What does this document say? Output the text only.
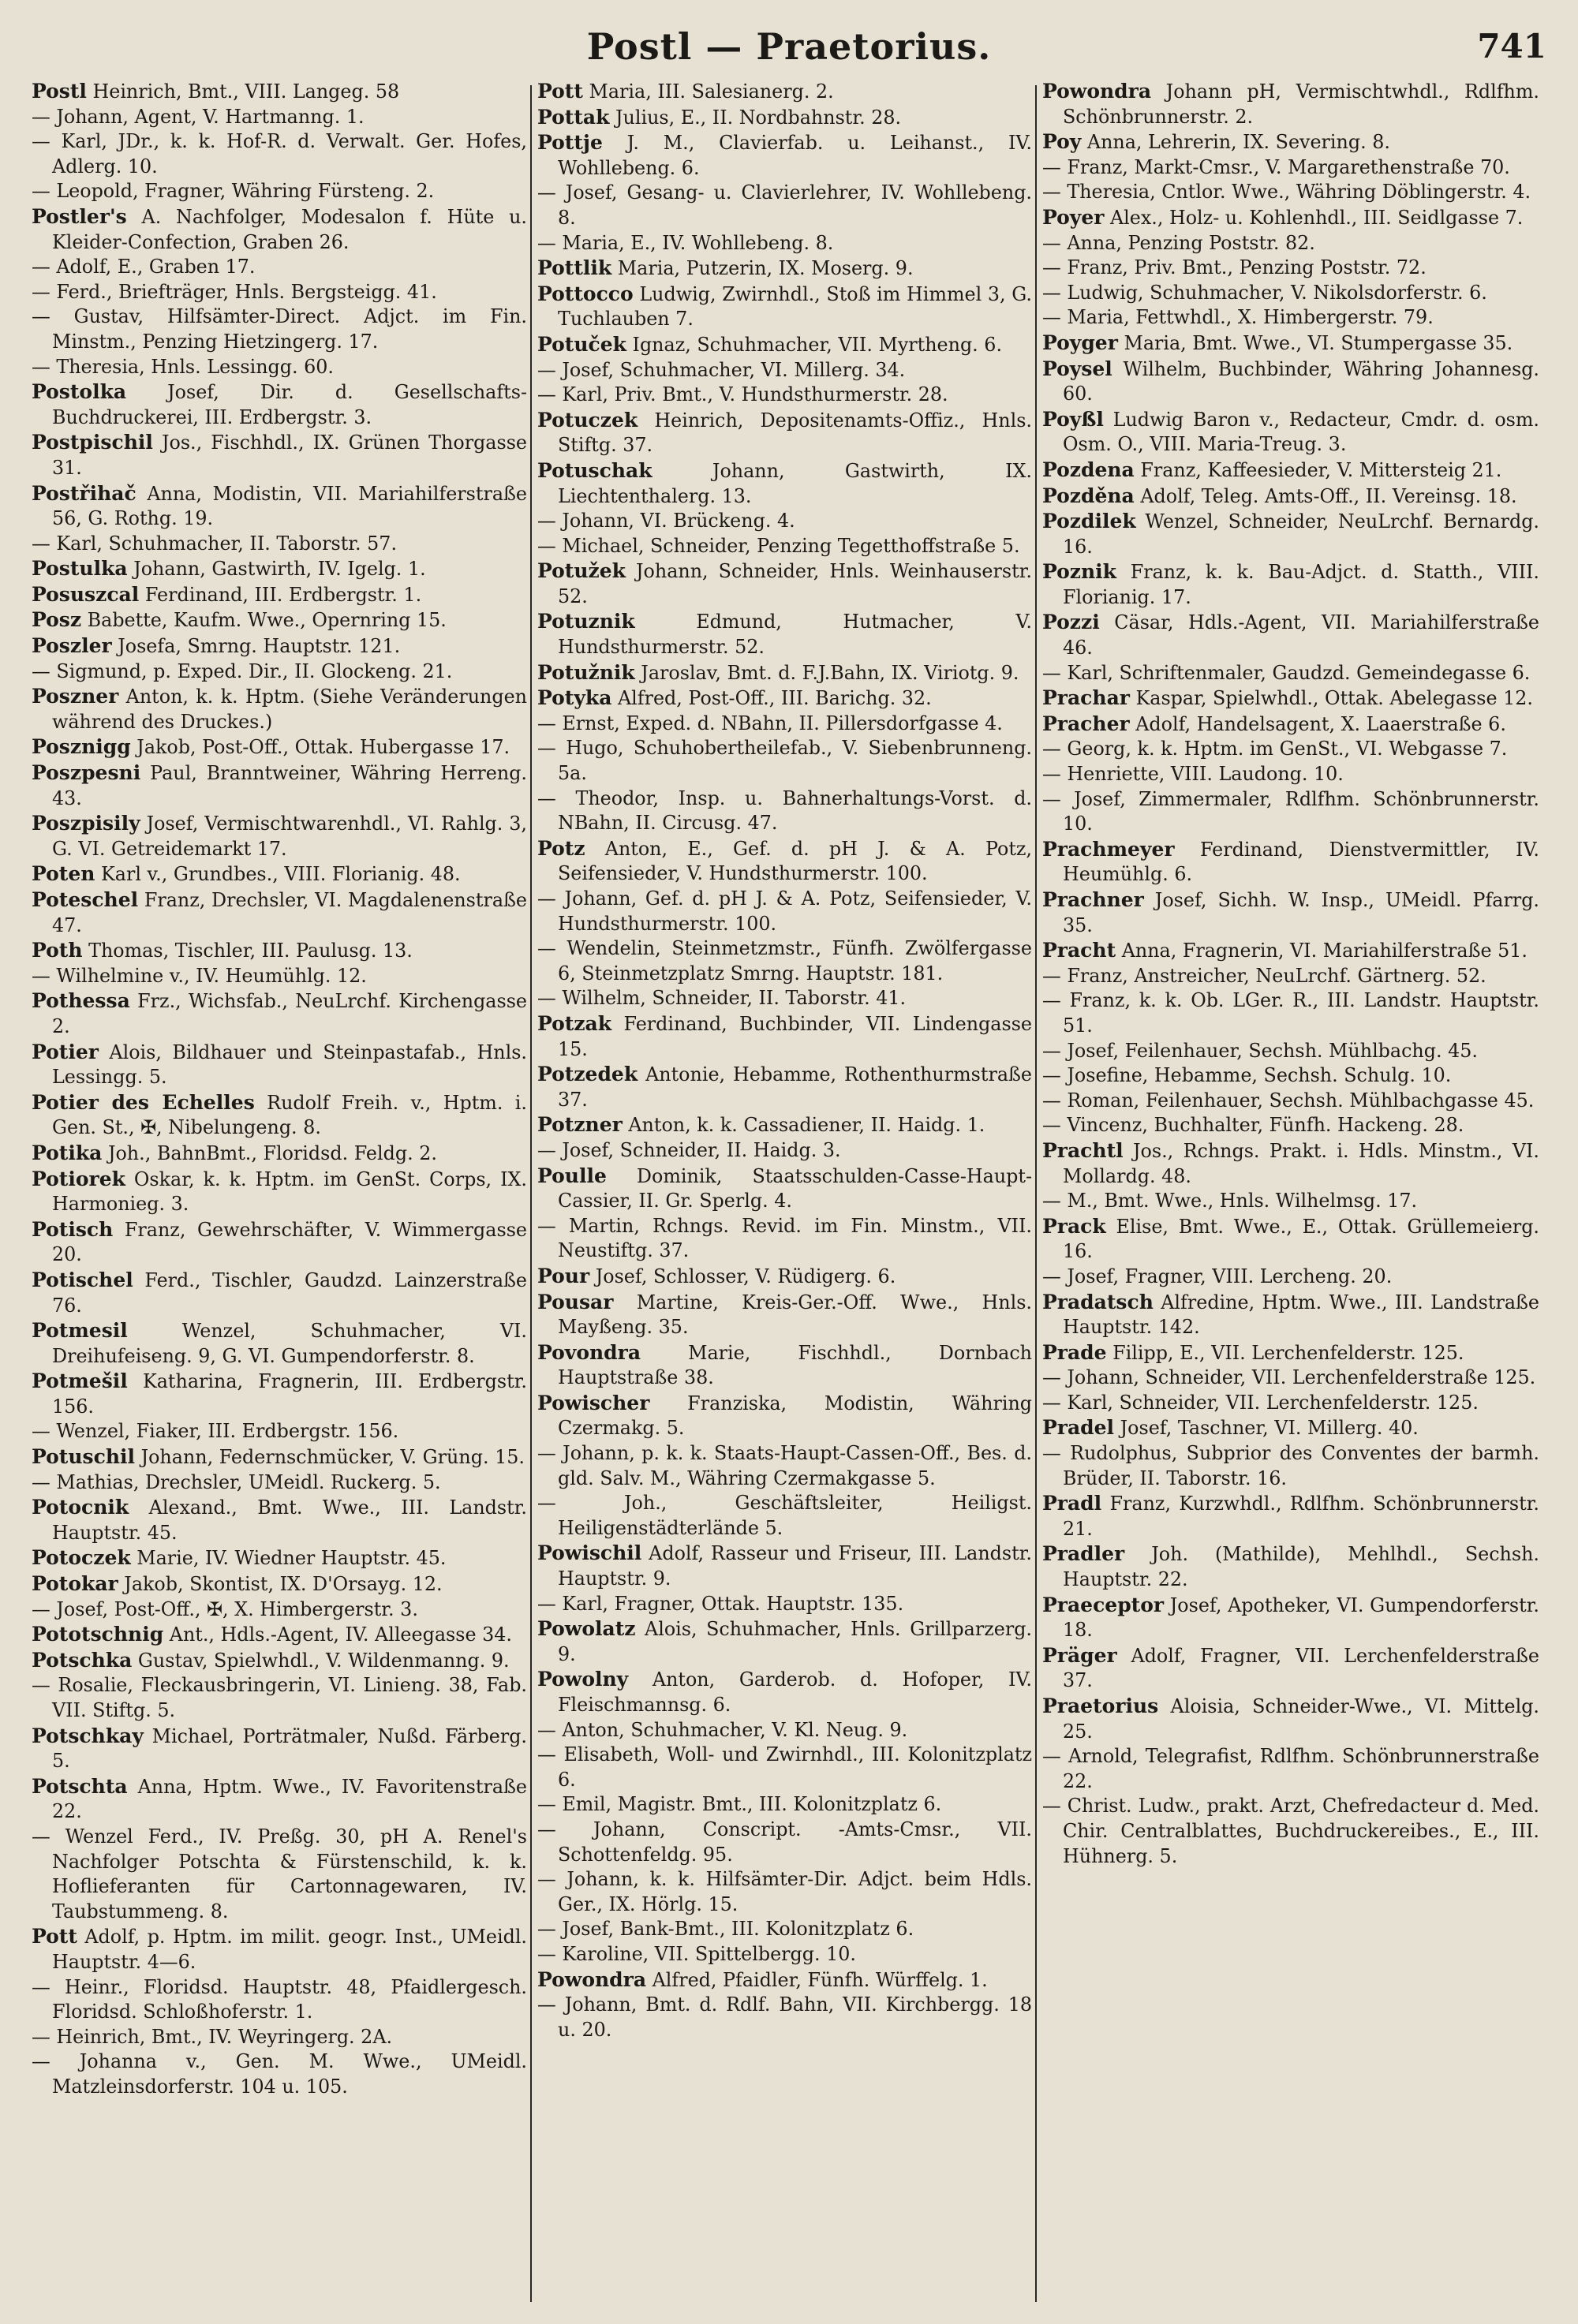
Postl — Praetorius.	741

Postl Heinrich, Bmt., VIII. Langeg. 58

— Johann, Agent, V. Hartmanng. 1.

— Karl, JDr., k. k. Hof-R. d. Verwalt. Ger. Hofes, Adlerg. 10.

— Leopold, Fragner, Währing Fürsteng. 2.

Postler's A. Nachfolger, Modesalon f. Hüte u. Kleider-Confection, Graben 26.

— Adolf, E., Graben 17.

— Ferd., Briefträger, Hnls. Bergsteigg. 41.

— Gustav, Hilfsämter-Direct. Adjct. im Fin. Minstm., Penzing Hietzingerg. 17.

— Theresia, Hnls. Lessingg. 60.

Postolka Josef, Dir. d. Gesellschafts-Buchdruckerei, III. Erdbergstr. 3.

Postpischil Jos., Fischhdl., IX. Grünen Thorgasse 31.

Postřihač Anna, Modistin, VII. Mariahilferstraße 56, G. Rothg. 19.

— Karl, Schuhmacher, II. Taborstr. 57.

Postulka Johann, Gastwirth, IV. Igelg. 1.

Posuszcal Ferdinand, III. Erdbergstr. 1.

Posz Babette, Kaufm. Wwe., Opernring 15.

Poszler Josefa, Smrng. Hauptstr. 121.

— Sigmund, p. Exped. Dir., II. Glockeng. 21.

Poszner Anton, k. k. Hptm. (Siehe Veränderungen während des Druckes.)

Posznigg Jakob, Post-Off., Ottak. Hubergasse 17.

Poszpesni Paul, Branntweiner, Währing Herreng. 43.

Poszpisily Josef, Vermischtwarenhdl., VI. Rahlg. 3, G. VI. Getreidemarkt 17.

Poten Karl v., Grundbes., VIII. Florianig. 48.

Poteschel Franz, Drechsler, VI. Magdalenenstraße 47.

Poth Thomas, Tischler, III. Paulusg. 13.

— Wilhelmine v., IV. Heumühlg. 12.

Pothessa Frz., Wichsfab., NeuLrchf. Kirchengasse 2.

Potier Alois, Bildhauer und Steinpastafab., Hnls. Lessingg. 5.

Potier des Echelles Rudolf Freih. v., Hptm. i. Gen. St., ✠, Nibelungeng. 8.

Potika Joh., BahnBmt., Floridsd. Feldg. 2.

Potiorek Oskar, k. k. Hptm. im GenSt. Corps, IX. Harmonieg. 3.

Potisch Franz, Gewehrschäfter, V. Wimmergasse 20.

Potischel Ferd., Tischler, Gaudzd. Lainzerstraße 76.

Potmesil Wenzel, Schuhmacher, VI. Dreihufeiseng. 9, G. VI. Gumpendorferstr. 8.

Potmešil Katharina, Fragnerin, III. Erdbergstr. 156.

— Wenzel, Fiaker, III. Erdbergstr. 156.

Potuschil Johann, Federnschmücker, V. Grüng. 15.

— Mathias, Drechsler, UMeidl. Ruckerg. 5.

Potocnik Alexand., Bmt. Wwe., III. Landstr. Hauptstr. 45.

Potoczek Marie, IV. Wiedner Hauptstr. 45.

Potokar Jakob, Skontist, IX. D'Orsayg. 12.

— Josef, Post-Off., ✠, X. Himbergerstr. 3.

Pototschnig Ant., Hdls.-Agent, IV. Alleegasse 34.

Potschka Gustav, Spielwhdl., V. Wildenmanng. 9.

— Rosalie, Fleckausbringerin, VI. Linieng. 38, Fab. VII. Stiftg. 5.

Potschkay Michael, Porträtmaler, Nußd. Färberg. 5.

Potschta Anna, Hptm. Wwe., IV. Favoritenstraße 22.

— Wenzel Ferd., IV. Preßg. 30, pH A. Renel's Nachfolger Potschta & Fürstenschild, k. k. Hoflieferanten für Cartonnagewaren, IV. Taubstummeng. 8.

Pott Adolf, p. Hptm. im milit. geogr. Inst., UMeidl. Hauptstr. 4—6.

— Heinr., Floridsd. Hauptstr. 48, Pfaidlergesch. Floridsd. Schloßhoferstr. 1.

— Heinrich, Bmt., IV. Weyringerg. 2A.

— Johanna v., Gen. M. Wwe., UMeidl. Matzleinsdorferstr. 104 u. 105.

Pott Maria, III. Salesianerg. 2.

Pottak Julius, E., II. Nordbahnstr. 28.

Pottje J. M., Clavierfab. u. Leihanst., IV. Wohllebeng. 6.

— Josef, Gesang- u. Clavierlehrer, IV. Wohllebeng. 8.

— Maria, E., IV. Wohllebeng. 8.

Pottlik Maria, Putzerin, IX. Moserg. 9.

Pottocco Ludwig, Zwirnhdl., Stoß im Himmel 3, G. Tuchlauben 7.

Potuček Ignaz, Schuhmacher, VII. Myrtheng. 6.

— Josef, Schuhmacher, VI. Millerg. 34.

— Karl, Priv. Bmt., V. Hundsthurmerstr. 28.

Potuczek Heinrich, Depositenamts-Offiz., Hnls. Stiftg. 37.

Potuschak Johann, Gastwirth, IX. Liechtenthalerg. 13.

— Johann, VI. Brückeng. 4.

— Michael, Schneider, Penzing Tegetthoffstraße 5.

Potužek Johann, Schneider, Hnls. Weinhauserstr. 52.

Potuznik Edmund, Hutmacher, V. Hundsthurmerstr. 52.

Potužnik Jaroslav, Bmt. d. F.J.Bahn, IX. Viriotg. 9.

Potyka Alfred, Post-Off., III. Barichg. 32.

— Ernst, Exped. d. NBahn, II. Pillersdorfgasse 4.

— Hugo, Schuhobertheilefab., V. Siebenbrunneng. 5a.

— Theodor, Insp. u. Bahnerhaltungs-Vorst. d. NBahn, II. Circusg. 47.

Potz Anton, E., Gef. d. pH J. & A. Potz, Seifensieder, V. Hundsthurmerstr. 100.

— Johann, Gef. d. pH J. & A. Potz, Seifensieder, V. Hundsthurmerstr. 100.

— Wendelin, Steinmetzmstr., Fünfh. Zwölfergasse 6, Steinmetzplatz Smrng. Hauptstr. 181.

— Wilhelm, Schneider, II. Taborstr. 41.

Potzak Ferdinand, Buchbinder, VII. Lindengasse 15.

Potzedek Antonie, Hebamme, Rothenthurmstraße 37.

Potzner Anton, k. k. Cassadiener, II. Haidg. 1.

— Josef, Schneider, II. Haidg. 3.

Poulle Dominik, Staatsschulden-Casse-Haupt-Cassier, II. Gr. Sperlg. 4.

— Martin, Rchngs. Revid. im Fin. Minstm., VII. Neustiftg. 37.

Pour Josef, Schlosser, V. Rüdigerg. 6.

Pousar Martine, Kreis-Ger.-Off. Wwe., Hnls. Mayßeng. 35.

Povondra Marie, Fischhdl., Dornbach Hauptstraße 38.

Powischer Franziska, Modistin, Währing Czermakg. 5.

— Johann, p. k. k. Staats-Haupt-Cassen-Off., Bes. d. gld. Salv. M., Währing Czermakgasse 5.

— Joh., Geschäftsleiter, Heiligst. Heiligenstädterlände 5.

Powischil Adolf, Rasseur und Friseur, III. Landstr. Hauptstr. 9.

— Karl, Fragner, Ottak. Hauptstr. 135.

Powolatz Alois, Schuhmacher, Hnls. Grillparzerg. 9.

Powolny Anton, Garderob. d. Hofoper, IV. Fleischmannsg. 6.

— Anton, Schuhmacher, V. Kl. Neug. 9.

— Elisabeth, Woll- und Zwirnhdl., III. Kolonitzplatz 6.

— Emil, Magistr. Bmt., III. Kolonitzplatz 6.

— Johann, Conscript. -Amts-Cmsr., VII. Schottenfeldg. 95.

— Johann, k. k. Hilfsämter-Dir. Adjct. beim Hdls. Ger., IX. Hörlg. 15.

— Josef, Bank-Bmt., III. Kolonitzplatz 6.

— Karoline, VII. Spittelbergg. 10.

Powondra Alfred, Pfaidler, Fünfh. Würffelg. 1.

— Johann, Bmt. d. Rdlf. Bahn, VII. Kirchbergg. 18 u. 20.

Powondra Johann pH, Vermischtwhdl., Rdlfhm. Schönbrunnerstr. 2.

Poy Anna, Lehrerin, IX. Severing. 8.

— Franz, Markt-Cmsr., V. Margarethenstraße 70.

— Theresia, Cntlor. Wwe., Währing Döblingerstr. 4.

Poyer Alex., Holz- u. Kohlenhdl., III. Seidlgasse 7.

— Anna, Penzing Poststr. 82.

— Franz, Priv. Bmt., Penzing Poststr. 72.

— Ludwig, Schuhmacher, V. Nikolsdorferstr. 6.

— Maria, Fettwhdl., X. Himbergerstr. 79.

Poyger Maria, Bmt. Wwe., VI. Stumpergasse 35.

Poysel Wilhelm, Buchbinder, Währing Johannesg. 60.

Poyßl Ludwig Baron v., Redacteur, Cmdr. d. osm. Osm. O., VIII. Maria-Treug. 3.

Pozdena Franz, Kaffeesieder, V. Mittersteig 21.

Pozděna Adolf, Teleg. Amts-Off., II. Vereinsg. 18.

Pozdilek Wenzel, Schneider, NeuLrchf. Bernardg. 16.

Poznik Franz, k. k. Bau-Adjct. d. Statth., VIII. Florianig. 17.

Pozzi Cäsar, Hdls.-Agent, VII. Mariahilferstraße 46.

— Karl, Schriftenmaler, Gaudzd. Gemeindegasse 6.

Prachar Kaspar, Spielwhdl., Ottak. Abelegasse 12.

Pracher Adolf, Handelsagent, X. Laaerstraße 6.

— Georg, k. k. Hptm. im GenSt., VI. Webgasse 7.

— Henriette, VIII. Laudong. 10.

— Josef, Zimmermaler, Rdlfhm. Schönbrunnerstr. 10.

Prachmeyer Ferdinand, Dienstvermittler, IV. Heumühlg. 6.

Prachner Josef, Sichh. W. Insp., UMeidl. Pfarrg. 35.

Pracht Anna, Fragnerin, VI. Mariahilferstraße 51.

— Franz, Anstreicher, NeuLrchf. Gärtnerg. 52.

— Franz, k. k. Ob. LGer. R., III. Landstr. Hauptstr. 51.

— Josef, Feilenhauer, Sechsh. Mühlbachg. 45.

— Josefine, Hebamme, Sechsh. Schulg. 10.

— Roman, Feilenhauer, Sechsh. Mühlbachgasse 45.

— Vincenz, Buchhalter, Fünfh. Hackeng. 28.

Prachtl Jos., Rchngs. Prakt. i. Hdls. Minstm., VI. Mollardg. 48.

— M., Bmt. Wwe., Hnls. Wilhelmsg. 17.

Prack Elise, Bmt. Wwe., E., Ottak. Grüllemeierg. 16.

— Josef, Fragner, VIII. Lercheng. 20.

Pradatsch Alfredine, Hptm. Wwe., III. Landstraße Hauptstr. 142.

Prade Filipp, E., VII. Lerchenfelderstr. 125.

— Johann, Schneider, VII. Lerchenfelderstraße 125.

— Karl, Schneider, VII. Lerchenfelderstr. 125.

Pradel Josef, Taschner, VI. Millerg. 40.

— Rudolphus, Subprior des Conventes der barmh. Brüder, II. Taborstr. 16.

Pradl Franz, Kurzwhdl., Rdlfhm. Schönbrunnerstr. 21.

Pradler Joh. (Mathilde), Mehlhdl., Sechsh. Hauptstr. 22.

Praeceptor Josef, Apotheker, VI. Gumpendorferstr. 18.

Präger Adolf, Fragner, VII. Lerchenfelderstraße 37.

Praetorius Aloisia, Schneider-Wwe., VI. Mittelg. 25.

— Arnold, Telegrafist, Rdlfhm. Schönbrunnerstraße 22.

— Christ. Ludw., prakt. Arzt, Chefredacteur d. Med. Chir. Centralblattes, Buchdruckereibes., E., III. Hühnerg. 5.
